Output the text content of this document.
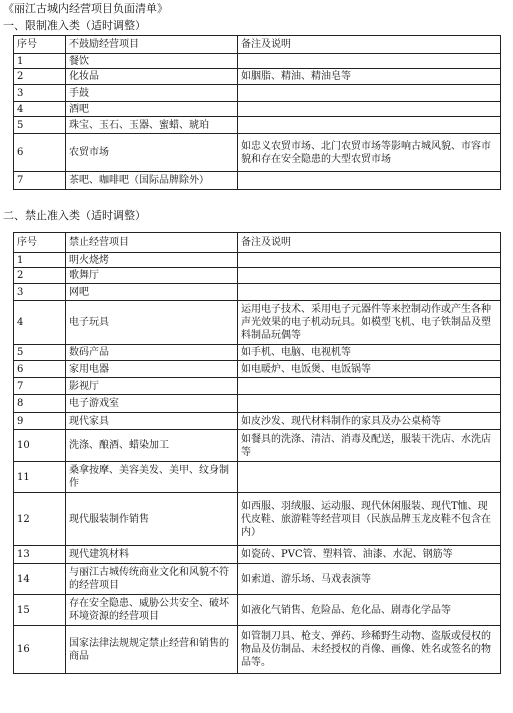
《丽江古城内经营项目负面清单》
一、限制准入类（适时调整）
序号	不鼓励经营项目	备注及说明
1	餐饮	
2	化妆品	如胭脂、精油、精油皂等
3	手鼓	
4	酒吧	
5	珠宝、玉石、玉器、蜜蜡、琥珀	
6	农贸市场	如忠义农贸市场、北门农贸市场等影响古城风貌、市容市貌和存在安全隐患的大型农贸市场
7	茶吧、咖啡吧（国际品牌除外）	
二、禁止准入类（适时调整）
序号	禁止经营项目	备注及说明
1	明火烧烤	
2	歌舞厅	
3	网吧	
4	电子玩具	运用电子技术、采用电子元器件等来控制动作或产生各种声光效果的电子机动玩具。如模型飞机、电子铁制品及塑料制品玩偶等
5	数码产品	如手机、电脑、电视机等
6	家用电器	如电暖炉、电饭煲、电饭锅等
7	影视厅	
8	电子游戏室	
9	现代家具	如皮沙发、现代材料制作的家具及办公桌椅等
10	洗涤、酿酒、蜡染加工	如餐具的洗涤、清洁、消毒及配送，服装干洗店、水洗店等
11	桑拿按摩、美容美发、美甲、纹身制作	
12	现代服装制作销售	如西服、羽绒服、运动服、现代休闲服装、现代T恤、现代皮鞋、旅游鞋等经营项目（民族品牌玉龙皮鞋不包含在内）
13	现代建筑材料	如瓷砖、PVC管、塑料管、油漆、水泥、钢筋等
14	与丽江古城传统商业文化和风貌不符的经营项目	如索道、游乐场、马戏表演等
15	存在安全隐患、威胁公共安全、破坏环境资源的经营项目	如液化气销售、危险品、危化品、剧毒化学品等
16	国家法律法规规定禁止经营和销售的商品	如管制刀具、枪支、弹药、珍稀野生动物、盗版或侵权的物品及仿制品、未经授权的肖像、画像、姓名或签名的物品等。
